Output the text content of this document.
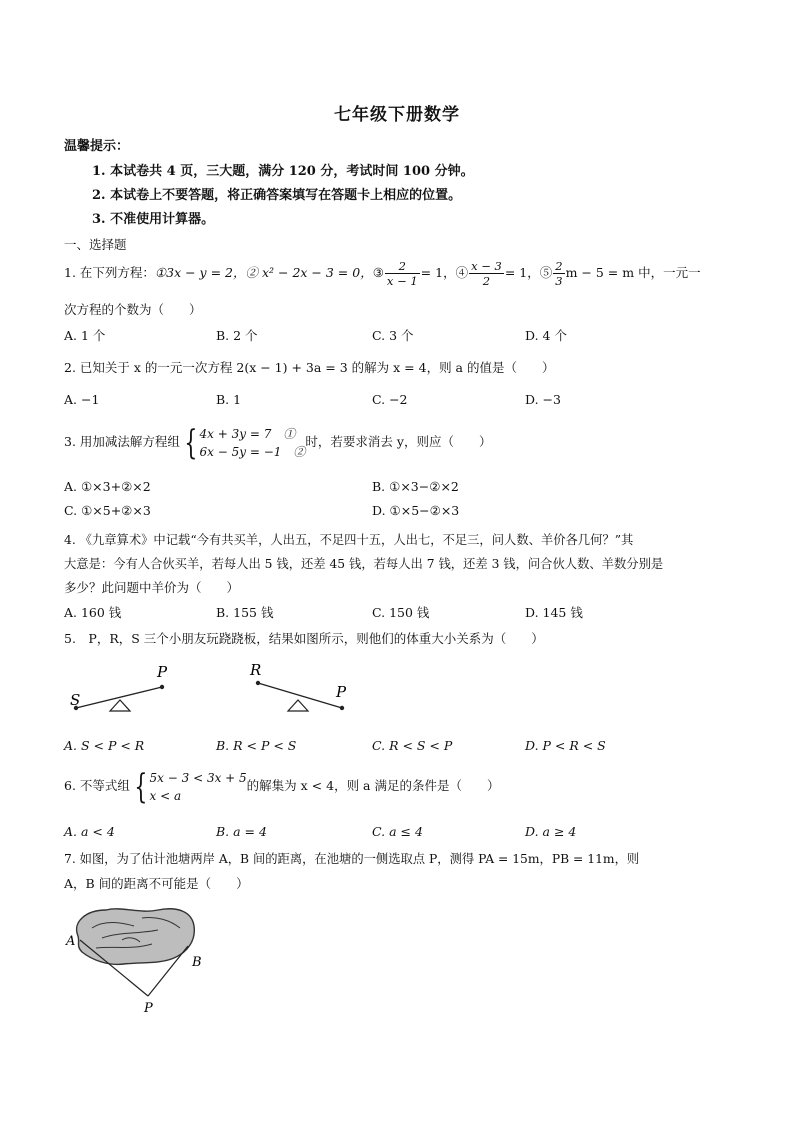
七年级下册数学
温馨提示：
1. 本试卷共 4 页，三大题，满分 120 分，考试时间 100 分钟。
2. 本试卷上不要答题，将正确答案填写在答题卡上相应的位置。
3. 不准使用计算器。
一、选择题
1. 在下列方程：①3x − y = 2，② x² − 2x − 3 = 0，③ $\frac{2}{x - 1} = 1$，④ $\frac{x - 3}{2} = 1$，⑤ $\frac{2}{3}$ m − 5 = m 中，一元一
次方程的个数为（　　）
A. 1 个	B. 2 个	C. 3 个	D. 4 个
2. 已知关于 x 的一元一次方程 2(x − 1) + 3a = 3 的解为 x = 4，则 a 的值是（　　）
A. −1	B. 1	C. −2	D. −3
3. 用加减法解方程组 { 4x + 3y = 7　①
6x − 5y = −1　②
时，若要求消去 y，则应（　　）
A. ①×3+②×2	B. ①×3−②×2
C. ①×5+②×3	D. ①×5−②×3
4. 《九章算术》中记载“今有共买羊，人出五，不足四十五，人出七，不足三，问人数、羊价各几何？”其
大意是：今有人合伙买羊，若每人出 5 钱，还差 45 钱，若每人出 7 钱，还差 3 钱，问合伙人数、羊数分别是
多少？此问题中羊价为（　　）
A. 160 钱	B. 155 钱	C. 150 钱	D. 145 钱
5.　P，R，S 三个小朋友玩跷跷板，结果如图所示，则他们的体重大小关系为（　　）
S
P	R
P
A. S < P < R	B. R < P < S	C. R < S < P	D. P < R < S
6. 不等式组 { 5x − 3 < 3x + 5
x < a
的解集为 x < 4，则 a 满足的条件是（　　）
A. a < 4	B. a = 4	C. a ≤ 4	D. a ≥ 4
7. 如图，为了估计池塘两岸 A，B 间的距离，在池塘的一侧选取点 P，测得 PA = 15m，PB = 11m，则
A，B 间的距离不可能是（　　）
A
B
P
